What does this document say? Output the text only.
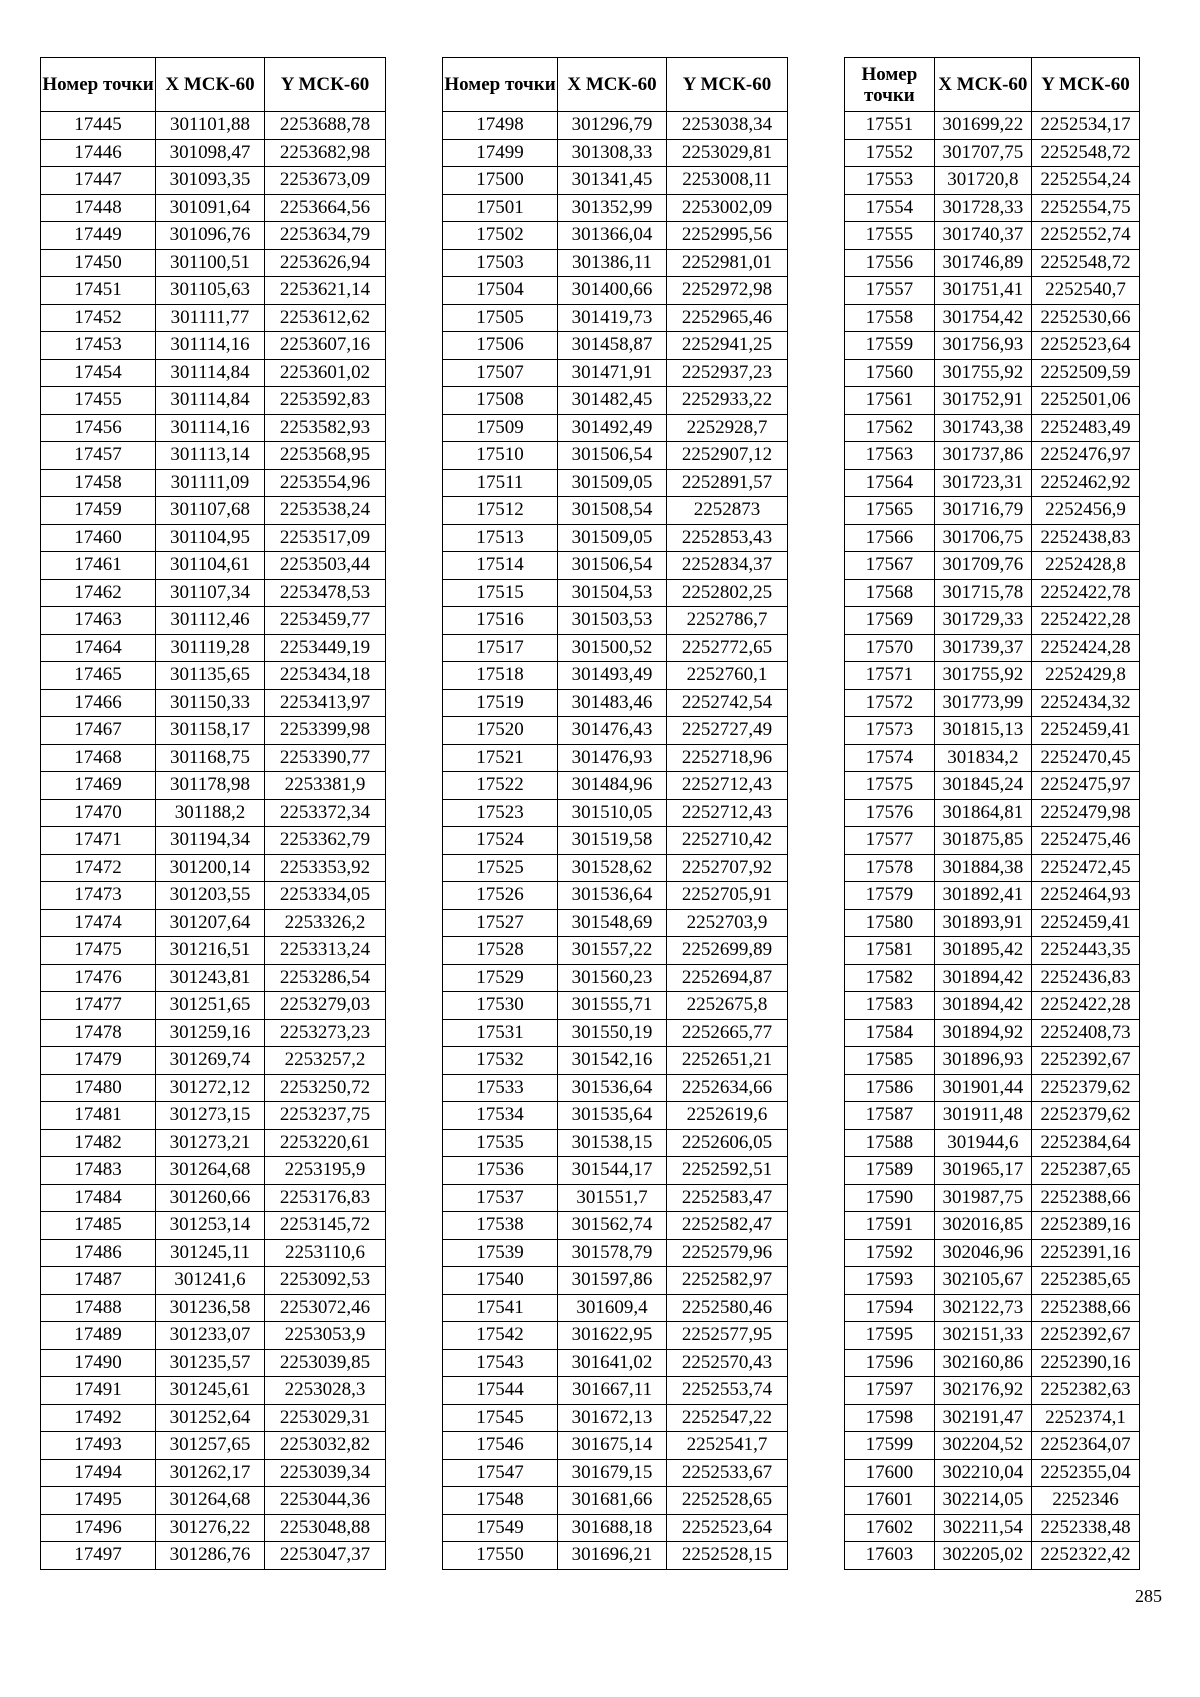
Номер точки	X МСК-60	Y МСК-60
17445	301101,88	2253688,78
17446	301098,47	2253682,98
17447	301093,35	2253673,09
17448	301091,64	2253664,56
17449	301096,76	2253634,79
17450	301100,51	2253626,94
17451	301105,63	2253621,14
17452	301111,77	2253612,62
17453	301114,16	2253607,16
17454	301114,84	2253601,02
17455	301114,84	2253592,83
17456	301114,16	2253582,93
17457	301113,14	2253568,95
17458	301111,09	2253554,96
17459	301107,68	2253538,24
17460	301104,95	2253517,09
17461	301104,61	2253503,44
17462	301107,34	2253478,53
17463	301112,46	2253459,77
17464	301119,28	2253449,19
17465	301135,65	2253434,18
17466	301150,33	2253413,97
17467	301158,17	2253399,98
17468	301168,75	2253390,77
17469	301178,98	2253381,9
17470	301188,2	2253372,34
17471	301194,34	2253362,79
17472	301200,14	2253353,92
17473	301203,55	2253334,05
17474	301207,64	2253326,2
17475	301216,51	2253313,24
17476	301243,81	2253286,54
17477	301251,65	2253279,03
17478	301259,16	2253273,23
17479	301269,74	2253257,2
17480	301272,12	2253250,72
17481	301273,15	2253237,75
17482	301273,21	2253220,61
17483	301264,68	2253195,9
17484	301260,66	2253176,83
17485	301253,14	2253145,72
17486	301245,11	2253110,6
17487	301241,6	2253092,53
17488	301236,58	2253072,46
17489	301233,07	2253053,9
17490	301235,57	2253039,85
17491	301245,61	2253028,3
17492	301252,64	2253029,31
17493	301257,65	2253032,82
17494	301262,17	2253039,34
17495	301264,68	2253044,36
17496	301276,22	2253048,88
17497	301286,76	2253047,37
Номер точки	X МСК-60	Y МСК-60
17498	301296,79	2253038,34
17499	301308,33	2253029,81
17500	301341,45	2253008,11
17501	301352,99	2253002,09
17502	301366,04	2252995,56
17503	301386,11	2252981,01
17504	301400,66	2252972,98
17505	301419,73	2252965,46
17506	301458,87	2252941,25
17507	301471,91	2252937,23
17508	301482,45	2252933,22
17509	301492,49	2252928,7
17510	301506,54	2252907,12
17511	301509,05	2252891,57
17512	301508,54	2252873
17513	301509,05	2252853,43
17514	301506,54	2252834,37
17515	301504,53	2252802,25
17516	301503,53	2252786,7
17517	301500,52	2252772,65
17518	301493,49	2252760,1
17519	301483,46	2252742,54
17520	301476,43	2252727,49
17521	301476,93	2252718,96
17522	301484,96	2252712,43
17523	301510,05	2252712,43
17524	301519,58	2252710,42
17525	301528,62	2252707,92
17526	301536,64	2252705,91
17527	301548,69	2252703,9
17528	301557,22	2252699,89
17529	301560,23	2252694,87
17530	301555,71	2252675,8
17531	301550,19	2252665,77
17532	301542,16	2252651,21
17533	301536,64	2252634,66
17534	301535,64	2252619,6
17535	301538,15	2252606,05
17536	301544,17	2252592,51
17537	301551,7	2252583,47
17538	301562,74	2252582,47
17539	301578,79	2252579,96
17540	301597,86	2252582,97
17541	301609,4	2252580,46
17542	301622,95	2252577,95
17543	301641,02	2252570,43
17544	301667,11	2252553,74
17545	301672,13	2252547,22
17546	301675,14	2252541,7
17547	301679,15	2252533,67
17548	301681,66	2252528,65
17549	301688,18	2252523,64
17550	301696,21	2252528,15
Номер точки	X МСК-60	Y МСК-60
17551	301699,22	2252534,17
17552	301707,75	2252548,72
17553	301720,8	2252554,24
17554	301728,33	2252554,75
17555	301740,37	2252552,74
17556	301746,89	2252548,72
17557	301751,41	2252540,7
17558	301754,42	2252530,66
17559	301756,93	2252523,64
17560	301755,92	2252509,59
17561	301752,91	2252501,06
17562	301743,38	2252483,49
17563	301737,86	2252476,97
17564	301723,31	2252462,92
17565	301716,79	2252456,9
17566	301706,75	2252438,83
17567	301709,76	2252428,8
17568	301715,78	2252422,78
17569	301729,33	2252422,28
17570	301739,37	2252424,28
17571	301755,92	2252429,8
17572	301773,99	2252434,32
17573	301815,13	2252459,41
17574	301834,2	2252470,45
17575	301845,24	2252475,97
17576	301864,81	2252479,98
17577	301875,85	2252475,46
17578	301884,38	2252472,45
17579	301892,41	2252464,93
17580	301893,91	2252459,41
17581	301895,42	2252443,35
17582	301894,42	2252436,83
17583	301894,42	2252422,28
17584	301894,92	2252408,73
17585	301896,93	2252392,67
17586	301901,44	2252379,62
17587	301911,48	2252379,62
17588	301944,6	2252384,64
17589	301965,17	2252387,65
17590	301987,75	2252388,66
17591	302016,85	2252389,16
17592	302046,96	2252391,16
17593	302105,67	2252385,65
17594	302122,73	2252388,66
17595	302151,33	2252392,67
17596	302160,86	2252390,16
17597	302176,92	2252382,63
17598	302191,47	2252374,1
17599	302204,52	2252364,07
17600	302210,04	2252355,04
17601	302214,05	2252346
17602	302211,54	2252338,48
17603	302205,02	2252322,42
285
